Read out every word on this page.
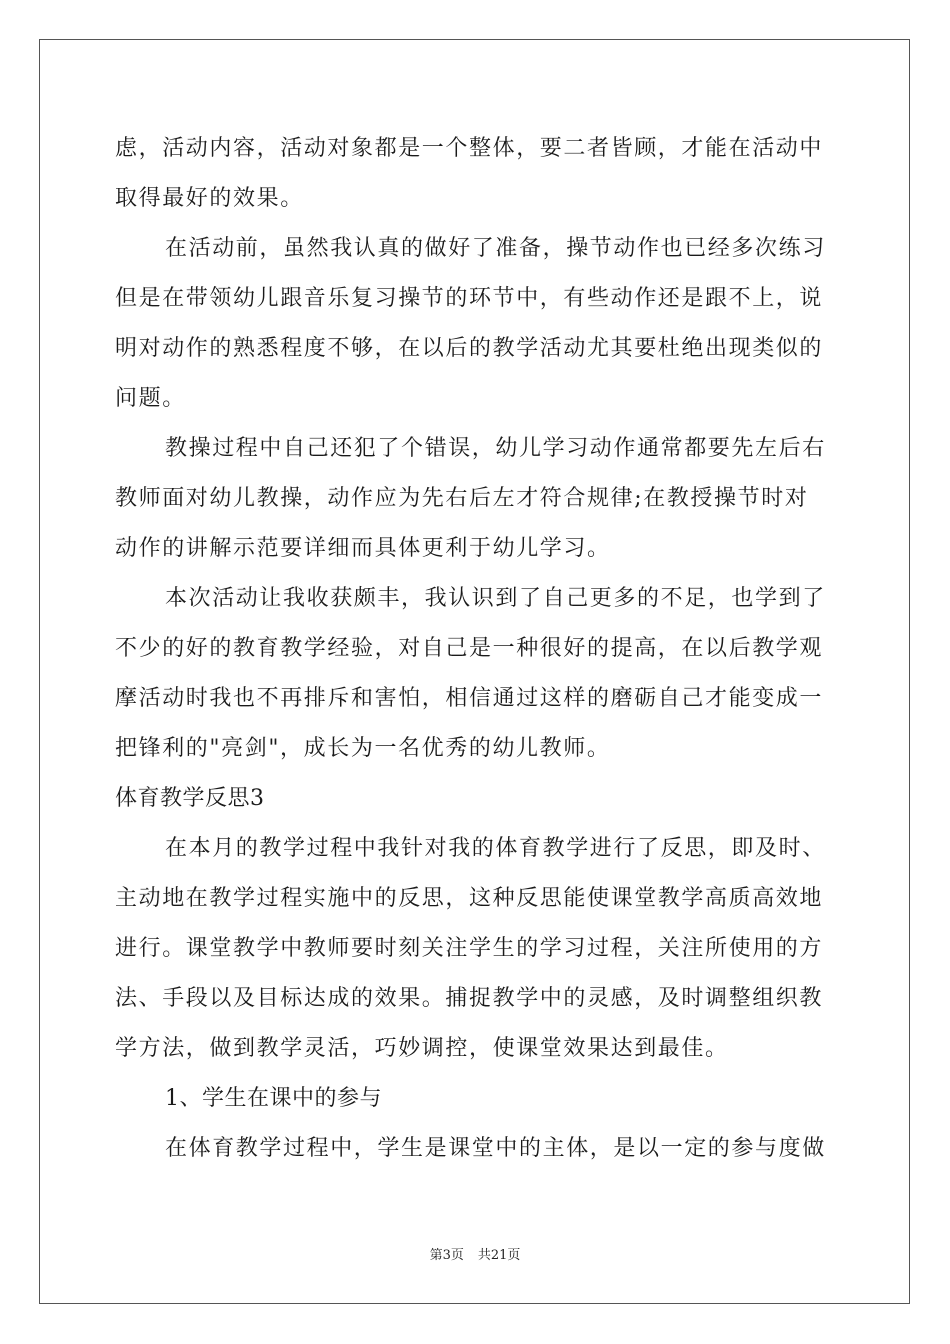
虑，活动内容，活动对象都是一个整体，要二者皆顾，才能在活动中
取得最好的效果。
在活动前，虽然我认真的做好了准备，操节动作也已经多次练习
但是在带领幼儿跟音乐复习操节的环节中，有些动作还是跟不上，说
明对动作的熟悉程度不够，在以后的教学活动尤其要杜绝出现类似的
问题。
教操过程中自己还犯了个错误，幼儿学习动作通常都要先左后右
教师面对幼儿教操，动作应为先右后左才符合规律;在教授操节时对
动作的讲解示范要详细而具体更利于幼儿学习。
本次活动让我收获颇丰，我认识到了自己更多的不足，也学到了
不少的好的教育教学经验，对自己是一种很好的提高，在以后教学观
摩活动时我也不再排斥和害怕，相信通过这样的磨砺自己才能变成一
把锋利的"亮剑"，成长为一名优秀的幼儿教师。
体育教学反思3
在本月的教学过程中我针对我的体育教学进行了反思，即及时、
主动地在教学过程实施中的反思，这种反思能使课堂教学高质高效地
进行。课堂教学中教师要时刻关注学生的学习过程，关注所使用的方
法、手段以及目标达成的效果。捕捉教学中的灵感，及时调整组织教
学方法，做到教学灵活，巧妙调控，使课堂效果达到最佳。
1、学生在课中的参与
在体育教学过程中，学生是课堂中的主体，是以一定的参与度做
第3页 共21页
